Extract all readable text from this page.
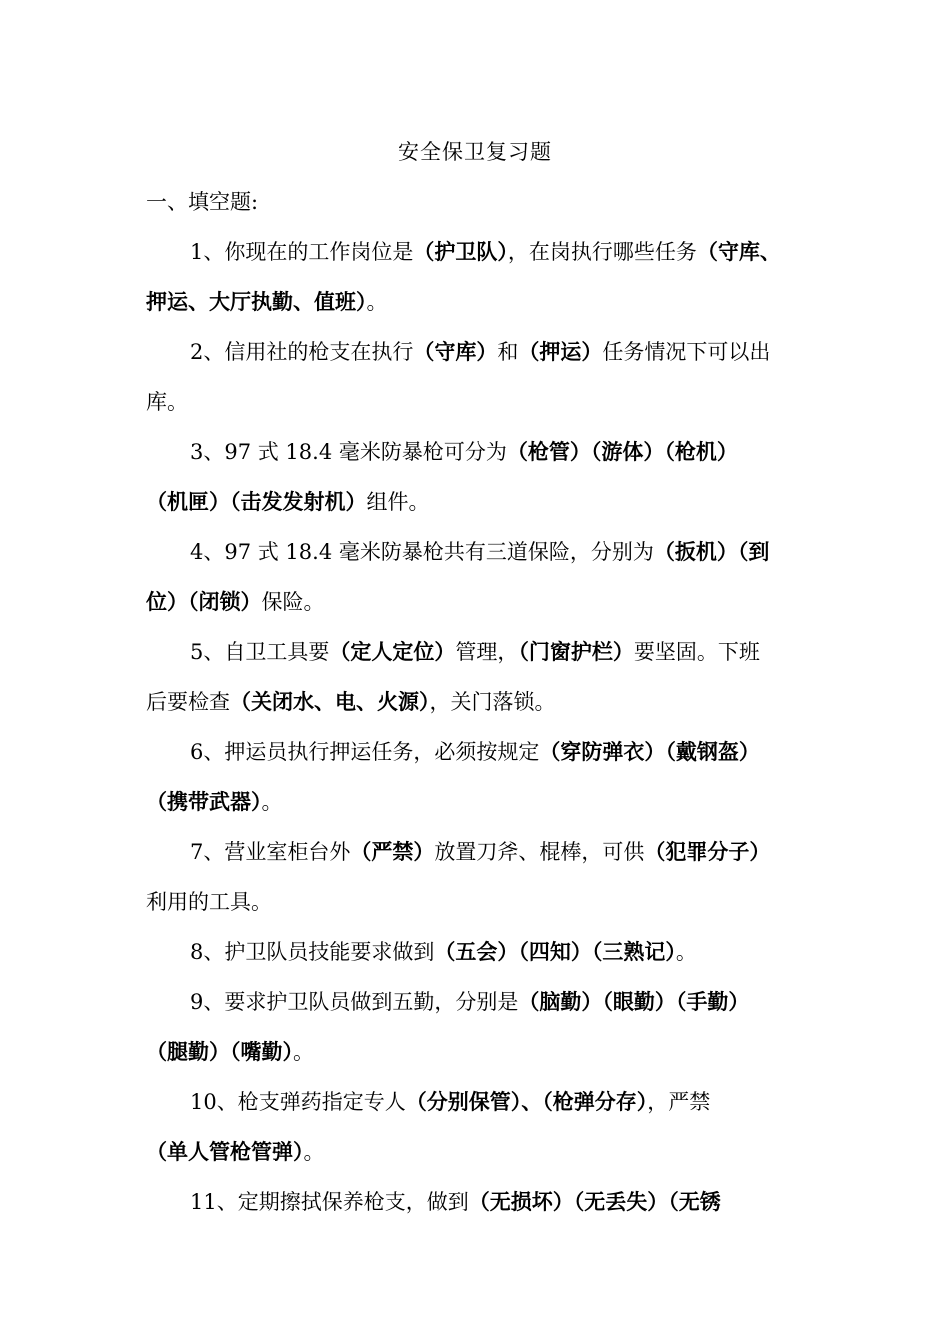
安全保卫复习题
一、填空题:
1、你现在的工作岗位是（护卫队），在岗执行哪些任务（守库、
押运、大厅执勤、值班）。
2、信用社的枪支在执行（守库）和（押运）任务情况下可以出
库。
3、97 式 18.4 毫米防暴枪可分为（枪管）（游体）（枪机）
（机匣）（击发发射机）组件。
4、97 式 18.4 毫米防暴枪共有三道保险，分别为（扳机）（到
位）（闭锁）保险。
5、自卫工具要（定人定位）管理，（门窗护栏）要坚固。下班
后要检查（关闭水、电、火源），关门落锁。
6、押运员执行押运任务，必须按规定（穿防弹衣）（戴钢盔）
（携带武器）。
7、营业室柜台外（严禁）放置刀斧、棍棒，可供（犯罪分子）
利用的工具。
8、护卫队员技能要求做到（五会）（四知）（三熟记）。
9、要求护卫队员做到五勤，分别是（脑勤）（眼勤）（手勤）
（腿勤）（嘴勤）。
10、枪支弹药指定专人（分别保管）、（枪弹分存），严禁
（单人管枪管弹）。
11、定期擦拭保养枪支，做到（无损坏）（无丢失）（无锈
